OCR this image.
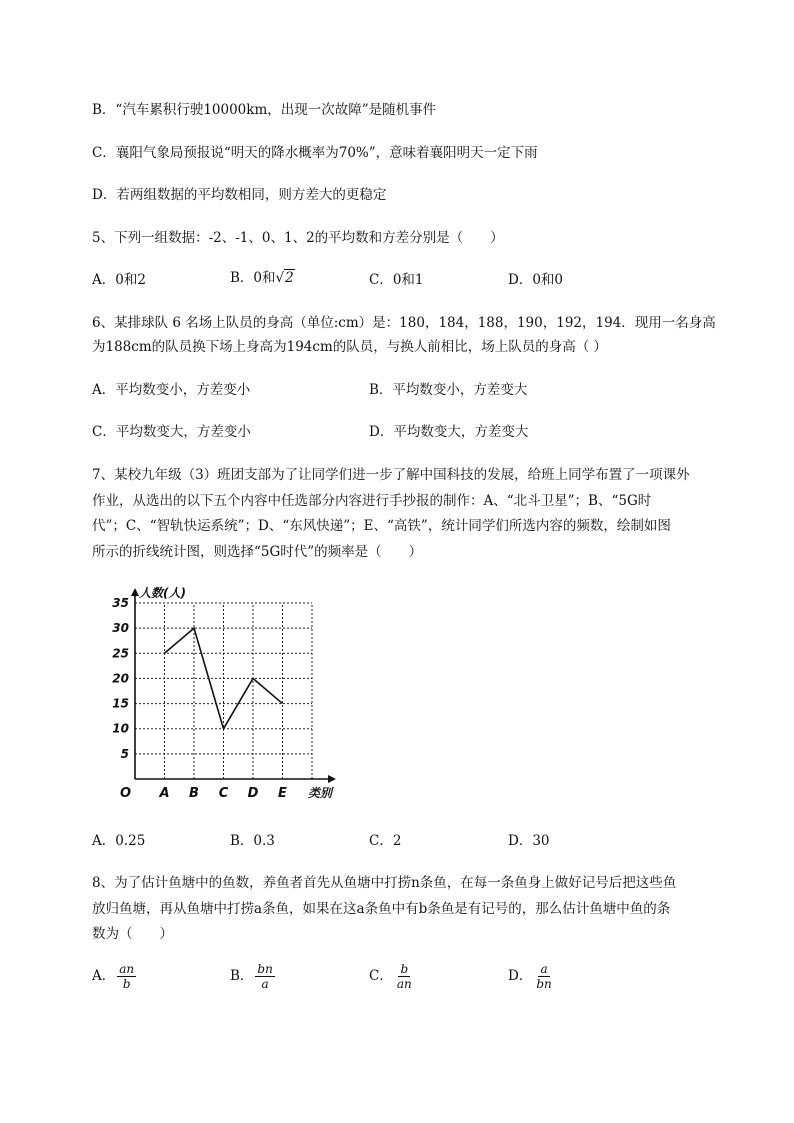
B．“汽车累积行驶10000km，出现一次故障”是随机事件
C．襄阳气象局预报说“明天的降水概率为70%”，意味着襄阳明天一定下雨
D．若两组数据的平均数相同，则方差大的更稳定
5、下列一组数据：-2、-1、0、1、2的平均数和方差分别是（　　）
A．0和2	B．0和√2	C．0和1	D．0和0
6、某排球队 6 名场上队员的身高（单位:cm）是：180，184，188，190，192，194．现用一名身高
为188cm的队员换下场上身高为194cm的队员，与换人前相比，场上队员的身高（ ）
A．平均数变小，方差变小	B．平均数变小，方差变大
C．平均数变大，方差变小	D．平均数变大，方差变大
7、某校九年级（3）班团支部为了让同学们进一步了解中国科技的发展，给班上同学布置了一项课外
作业，从选出的以下五个内容中任选部分内容进行手抄报的制作：A、“北斗卫星”；B、“5G时
代”；C、“智轨快运系统”；D、“东风快递”；E、“高铁”，统计同学们所选内容的频数，绘制如图
所示的折线统计图，则选择“5G时代”的频率是（　　）
5
10
15
20
25
30
35
A B C D E
人数(人)
类别
O
A．0.25	B．0.3	C．2	D．30
8、为了估计鱼塘中的鱼数，养鱼者首先从鱼塘中打捞n条鱼，在每一条鱼身上做好记号后把这些鱼
放归鱼塘，再从鱼塘中打捞a条鱼，如果在这a条鱼中有b条鱼是有记号的，那么估计鱼塘中鱼的条
数为（　　）
A． $\frac{an}{b}$	B． $\frac{bn}{a}$	C． $\frac{b}{an}$	D． $\frac{a}{bn}$
